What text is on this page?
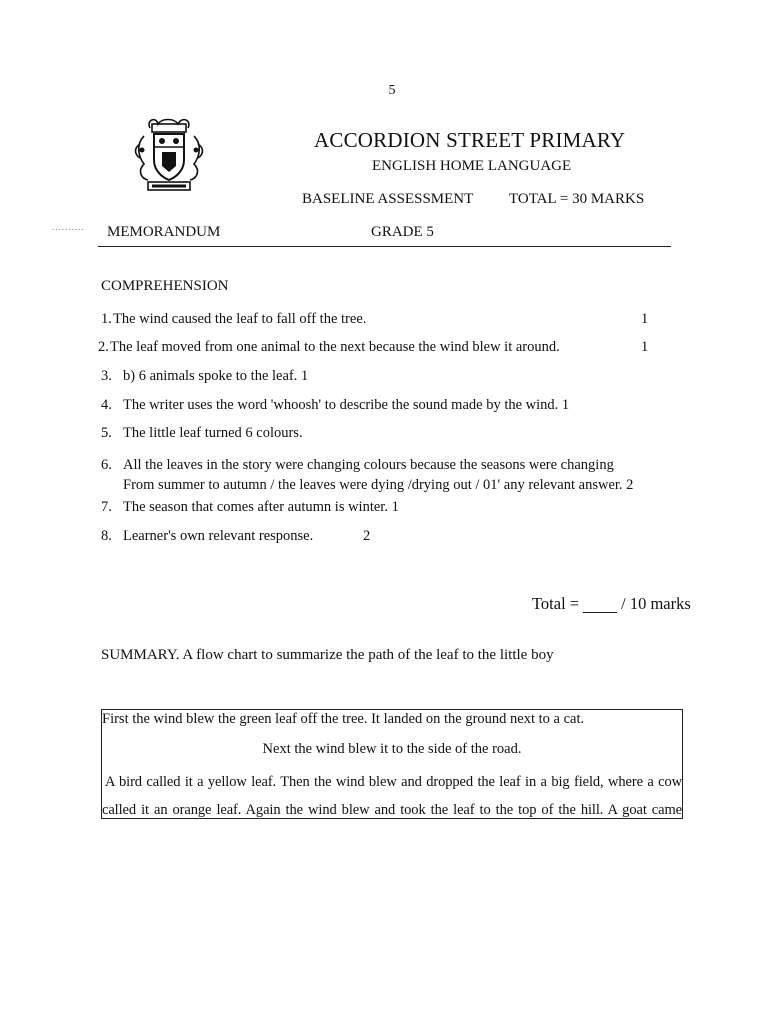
5
ACCORDION STREET PRIMARY
ENGLISH HOME LANGUAGE
BASELINE ASSESSMENT TOTAL = 30 MARKS
.......... MEMORANDUM	GRADE 5
COMPREHENSION
1. The wind caused the leaf to fall off the tree.	1
2. The leaf moved from one animal to the next because the wind blew it around.	1
3. b) 6 animals spoke to the leaf. 1
4. The writer uses the word 'whoosh' to describe the sound made by the wind. 1
5. The little leaf turned 6 colours.
6. All the leaves in the story were changing colours because the seasons were changing
From summer to autumn / the leaves were dying /drying out / 01' any relevant answer. 2
7. The season that comes after autumn is winter. 1
8. Learner's own relevant response.	2
Total =	/ 10 marks
SUMMARY. A flow chart to summarize the path of the leaf to the little boy
First the wind blew the green leaf off the tree. It landed on the ground next to a cat.
Next the wind blew it to the side of the road.
A bird called it a yellow leaf. Then the wind blew and dropped the leaf in a big field, where a cow
called it an orange leaf. Again the wind blew and took the leaf to the top of the hill. A goat came
